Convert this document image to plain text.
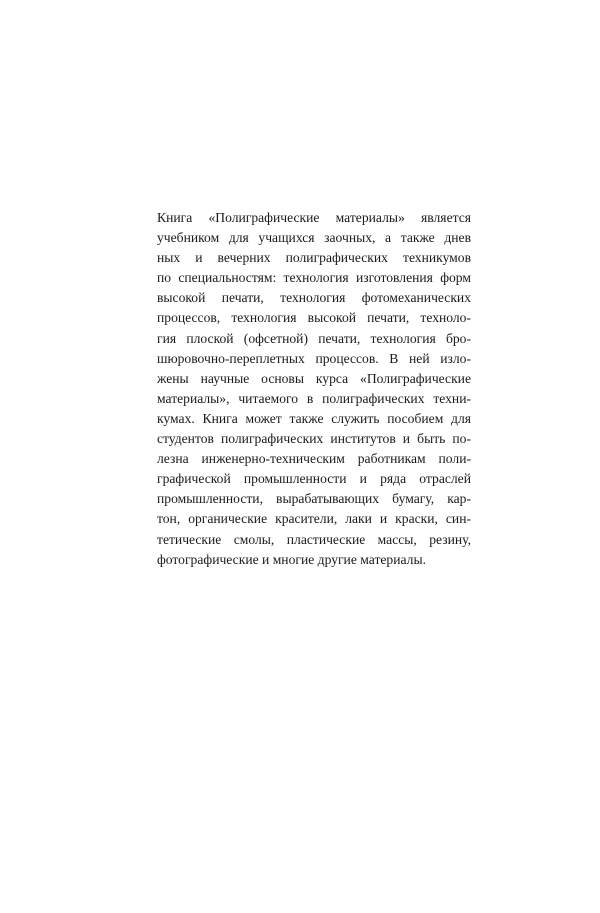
Книга «Полиграфические материалы» является
учебником для учащихся заочных, а также днев
ных и вечерних полиграфических техникумов
по специальностям: технология изготовления форм
высокой печати, технология фотомеханических
процессов, технология высокой печати, техноло-
гия плоской (офсетной) печати, технология бро-
шюровочно-переплетных процессов. В ней изло-
жены научные основы курса «Полиграфические
материалы», читаемого в полиграфических техни-
кумах. Книга может также служить пособием для
студентов полиграфических институтов и быть по-
лезна инженерно-техническим работникам поли-
графической промышленности и ряда отраслей
промышленности, вырабатывающих бумагу, кар-
тон, органические красители, лаки и краски, син-
тетические смолы, пластические массы, резину,
фотографические и многие другие материалы.
